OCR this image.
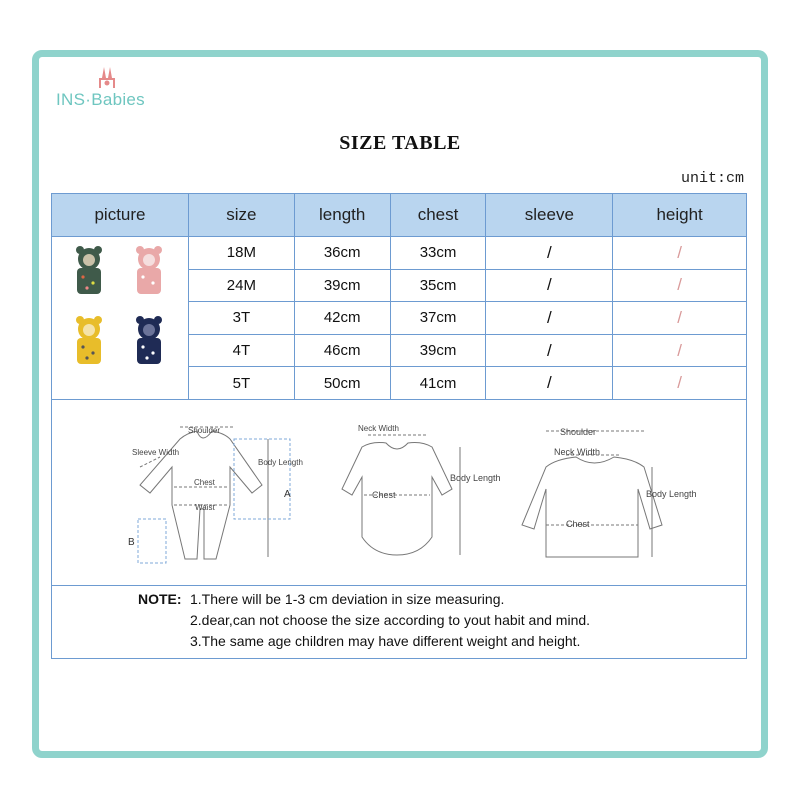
INS·Babies
SIZE TABLE
unit:cm
picture	size	length	chest	sleeve	height
	18M	36cm	33cm	/	/
	24M	39cm	35cm	/	/
	3T	42cm	37cm	/	/
	4T	46cm	39cm	/	/
	5T	50cm	41cm	/	/
Shoulder
Sleeve Width
Chest
Waist
Body Length
A
B
Neck Width
Chest
Body Length
Shoulder
Neck Width
Chest
Body Length
NOTE: 1.There will be 1-3 cm deviation in size measuring.
2.dear,can not choose the size according to yout habit and mind.
3.The same age children may have different weight and height.
